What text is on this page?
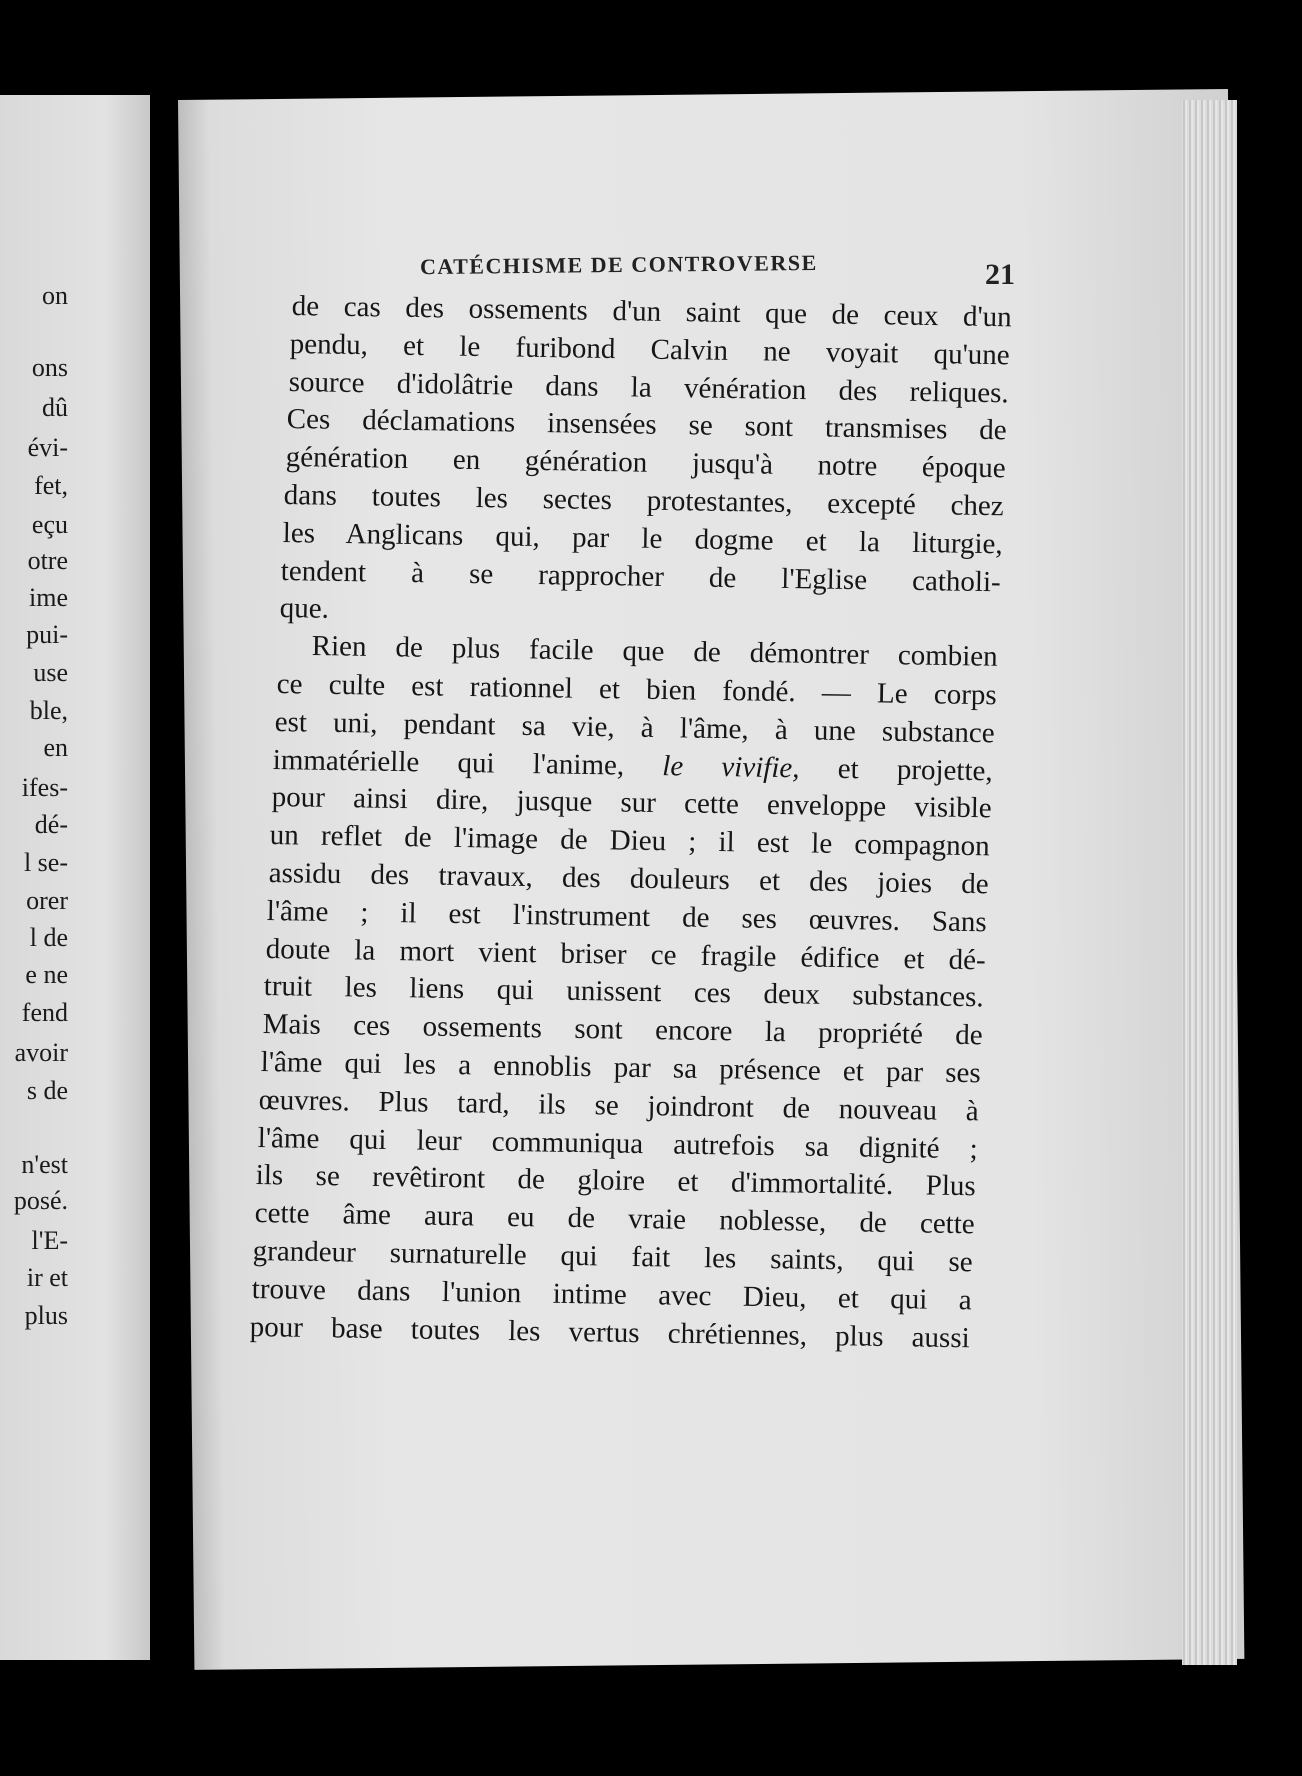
on
ons
dû
évi-
fet,
eçu
otre
ime
pui-
use
ble,
en
ifes-
dé-
l se-
orer
l de
e ne
fend
avoir
s de
n'est
posé.
l'E-
ir et
plus
CATÉCHISME DE CONTROVERSE	21
de cas des ossements d'un saint que de ceux d'un
pendu, et le furibond Calvin ne voyait qu'une
source d'idolâtrie dans la vénération des reliques.
Ces déclamations insensées se sont transmises de
génération en génération jusqu'à notre époque
dans toutes les sectes protestantes, excepté chez
les Anglicans qui, par le dogme et la liturgie,
tendent à se rapprocher de l'Eglise catholi-
que.
Rien de plus facile que de démontrer combien
ce culte est rationnel et bien fondé. — Le corps
est uni, pendant sa vie, à l'âme, à une substance
immatérielle qui l'anime, le vivifie, et projette,
pour ainsi dire, jusque sur cette enveloppe visible
un reflet de l'image de Dieu ; il est le compagnon
assidu des travaux, des douleurs et des joies de
l'âme ; il est l'instrument de ses œuvres. Sans
doute la mort vient briser ce fragile édifice et dé-
truit les liens qui unissent ces deux substances.
Mais ces ossements sont encore la propriété de
l'âme qui les a ennoblis par sa présence et par ses
œuvres. Plus tard, ils se joindront de nouveau à
l'âme qui leur communiqua autrefois sa dignité ;
ils se revêtiront de gloire et d'immortalité. Plus
cette âme aura eu de vraie noblesse, de cette
grandeur surnaturelle qui fait les saints, qui se
trouve dans l'union intime avec Dieu, et qui a
pour base toutes les vertus chrétiennes, plus aussi
